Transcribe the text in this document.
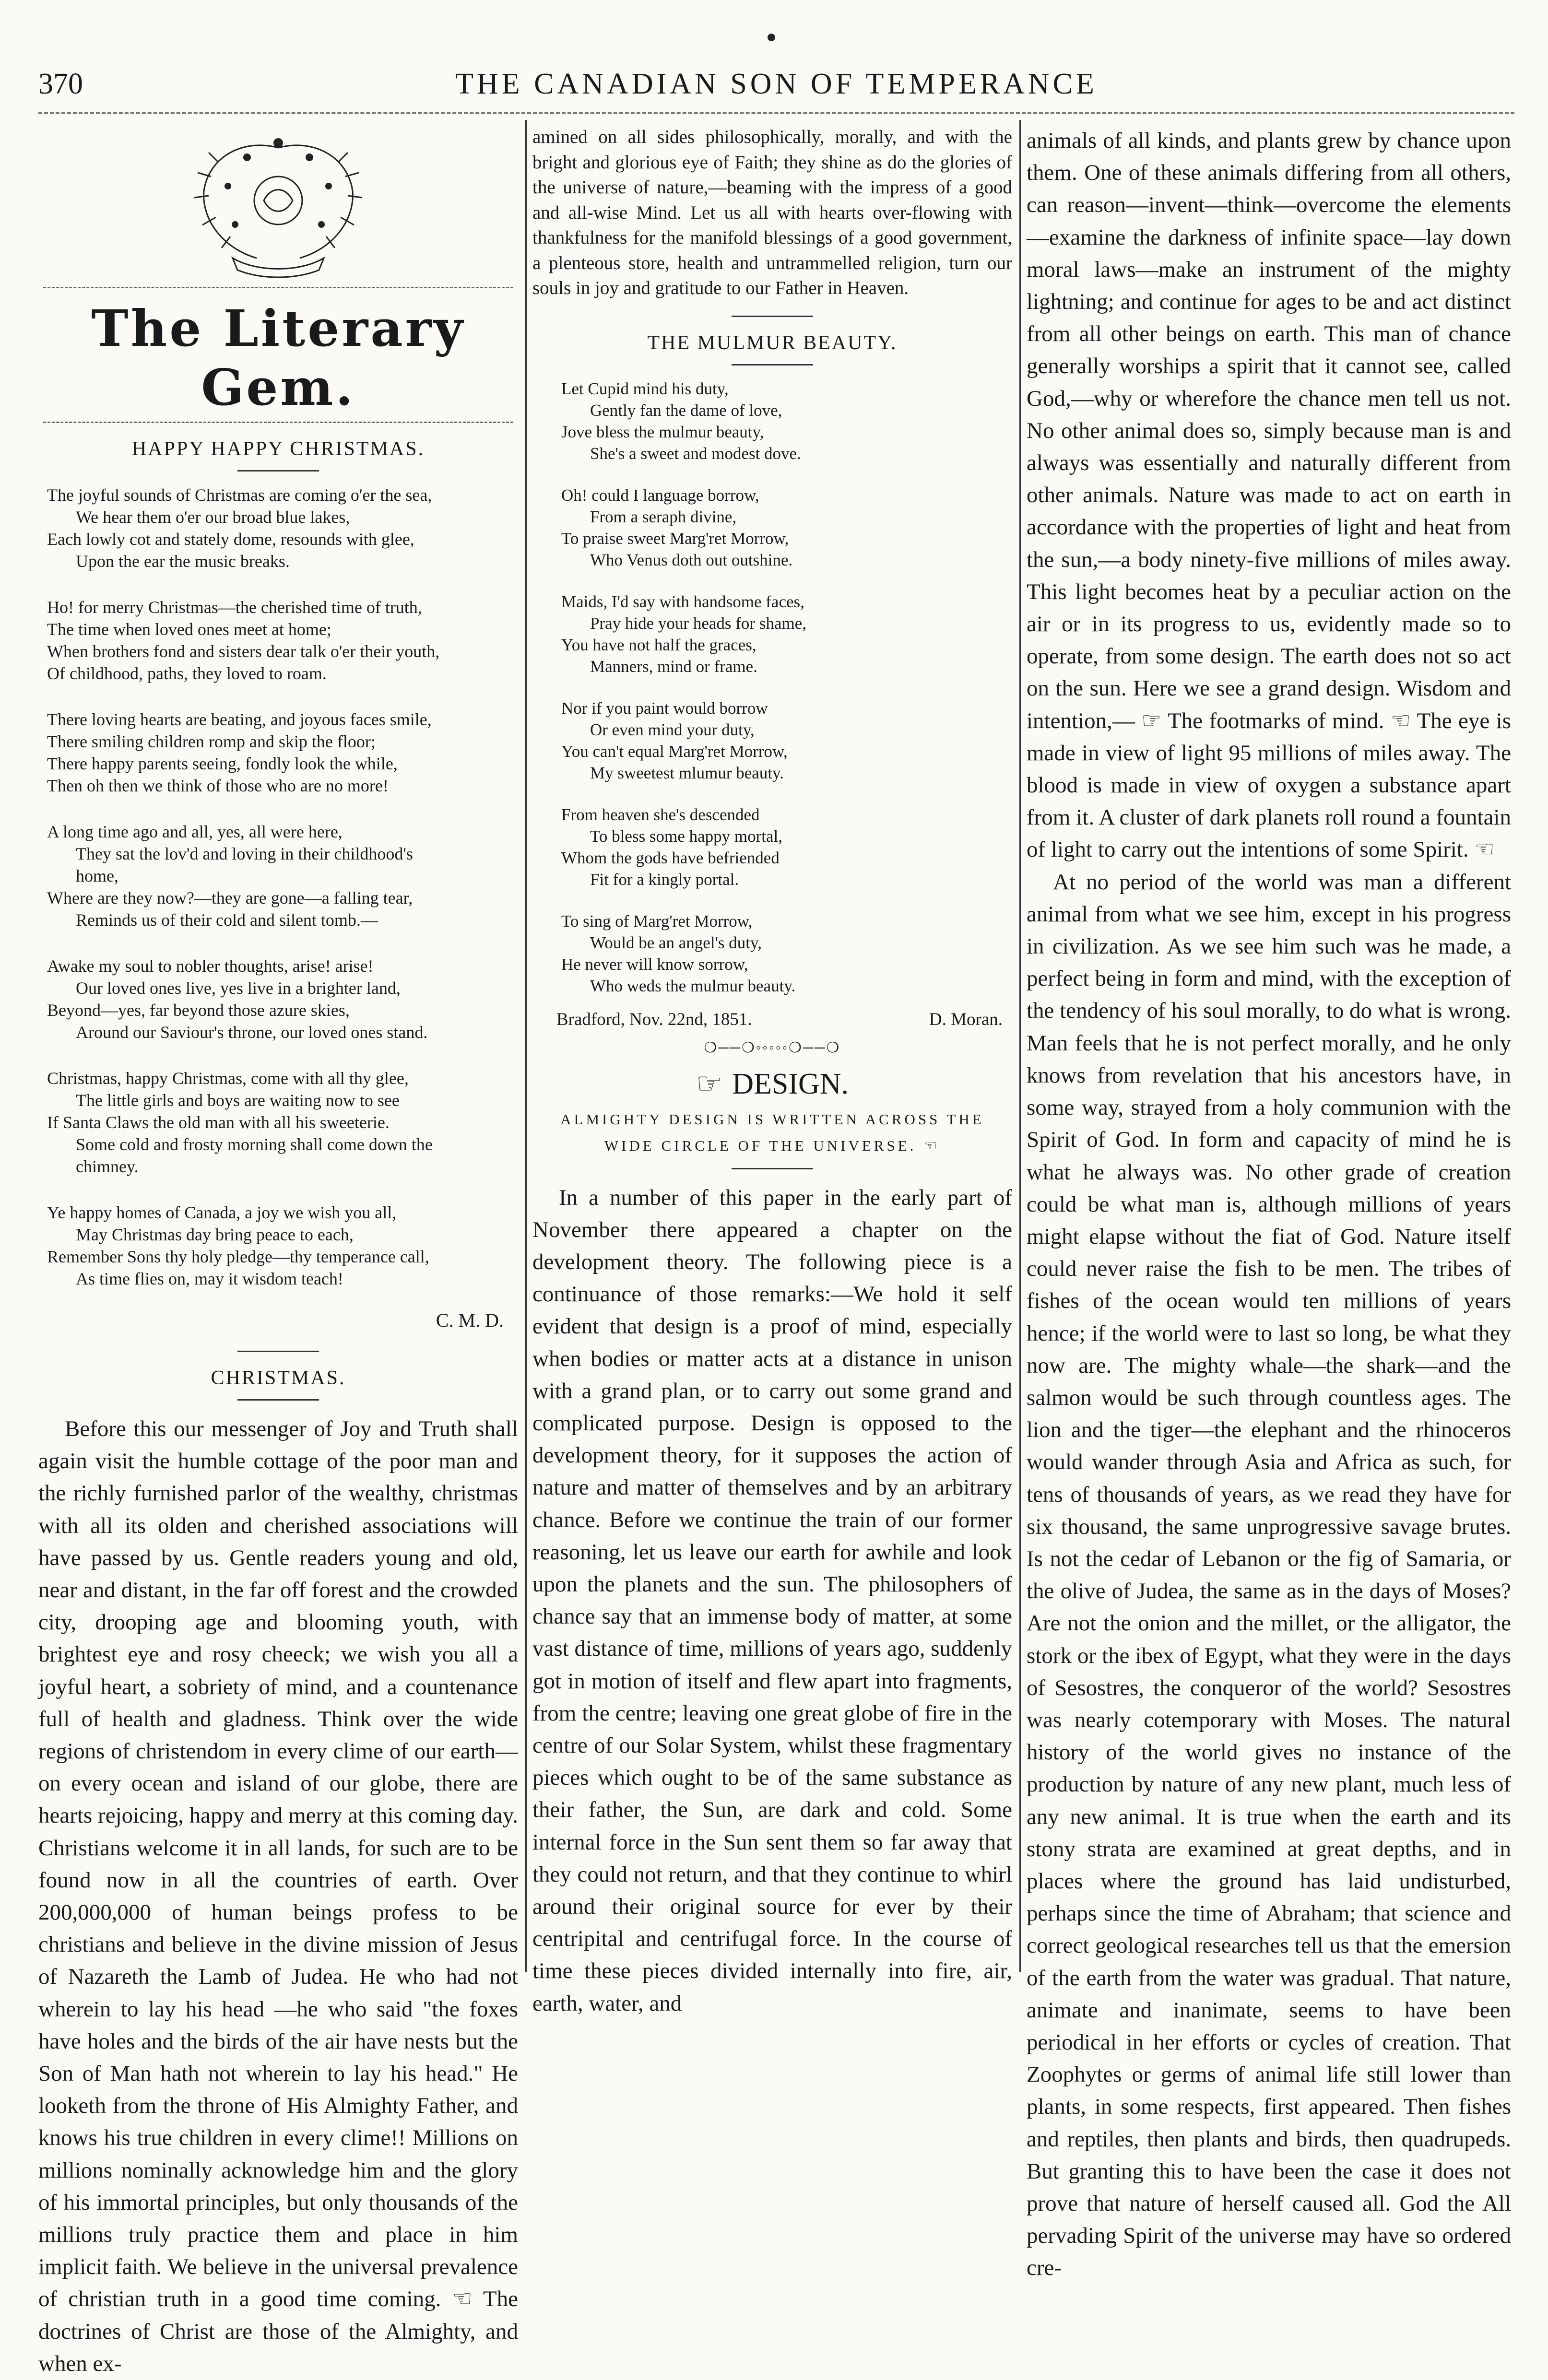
370	THE CANADIAN SON OF TEMPERANCE
The Literary Gem.
HAPPY HAPPY CHRISTMAS.
The joyful sounds of Christmas are coming o'er the sea,
We hear them o'er our broad blue lakes,
Each lowly cot and stately dome, resounds with glee,
Upon the ear the music breaks.
Ho! for merry Christmas—the cherished time of truth,
The time when loved ones meet at home;
When brothers fond and sisters dear talk o'er their youth,
Of childhood, paths, they loved to roam.
There loving hearts are beating, and joyous faces smile,
There smiling children romp and skip the floor;
There happy parents seeing, fondly look the while,
Then oh then we think of those who are no more!
A long time ago and all, yes, all were here,
They sat the lov'd and loving in their childhood's
home,
Where are they now?—they are gone—a falling tear,
Reminds us of their cold and silent tomb.—
Awake my soul to nobler thoughts, arise! arise!
Our loved ones live, yes live in a brighter land,
Beyond—yes, far beyond those azure skies,
Around our Saviour's throne, our loved ones stand.
Christmas, happy Christmas, come with all thy glee,
The little girls and boys are waiting now to see
If Santa Claws the old man with all his sweeterie.
Some cold and frosty morning shall come down the
chimney.
Ye happy homes of Canada, a joy we wish you all,
May Christmas day bring peace to each,
Remember Sons thy holy pledge—thy temperance call,
As time flies on, may it wisdom teach!
C. M. D.
CHRISTMAS.

Before this our messenger of Joy and Truth shall again visit the humble cottage of the poor man and the richly furnished parlor of the wealthy, christmas with all its olden and cherished associations will have passed by us. Gentle readers young and old, near and distant, in the far off forest and the crowded city, drooping age and blooming youth, with brightest eye and rosy cheeck; we wish you all a joyful heart, a sobriety of mind, and a countenance full of health and gladness. Think over the wide regions of christendom in every clime of our earth—on every ocean and island of our globe, there are hearts rejoicing, happy and merry at this coming day. Christians welcome it in all lands, for such are to be found now in all the countries of earth. Over 200,000,000 of human beings profess to be christians and believe in the divine mission of Jesus of Nazareth the Lamb of Judea. He who had not wherein to lay his head —he who said "the foxes have holes and the birds of the air have nests but the Son of Man hath not wherein to lay his head." He looketh from the throne of His Almighty Father, and knows his true children in every clime!! Millions on millions nominally acknowledge him and the glory of his immortal principles, but only thousands of the millions truly practice them and place in him implicit faith. We believe in the universal prevalence of christian truth in a good time coming. ☜ The doctrines of Christ are those of the Almighty, and when ex-

amined on all sides philosophically, morally, and with the bright and glorious eye of Faith; they shine as do the glories of the universe of nature,—beaming with the impress of a good and all-wise Mind. Let us all with hearts over-flowing with thankfulness for the manifold blessings of a good government, a plenteous store, health and untrammelled religion, turn our souls in joy and gratitude to our Father in Heaven.

THE MULMUR BEAUTY.
Let Cupid mind his duty,
Gently fan the dame of love,
Jove bless the mulmur beauty,
She's a sweet and modest dove.
Oh! could I language borrow,
From a seraph divine,
To praise sweet Marg'ret Morrow,
Who Venus doth out outshine.
Maids, I'd say with handsome faces,
Pray hide your heads for shame,
You have not half the graces,
Manners, mind or frame.
Nor if you paint would borrow
Or even mind your duty,
You can't equal Marg'ret Morrow,
My sweetest mlumur beauty.
From heaven she's descended
To bless some happy mortal,
Whom the gods have befriended
Fit for a kingly portal.
To sing of Marg'ret Morrow,
Would be an angel's duty,
He never will know sorrow,
Who weds the mulmur beauty.
Bradford, Nov. 22nd, 1851.	D. Moran.
❍──❍◦◦◦◦◦❍──❍
☞ DESIGN.
ALMIGHTY DESIGN IS WRITTEN ACROSS THE WIDE CIRCLE OF THE UNIVERSE. ☜

In a number of this paper in the early part of November there appeared a chapter on the development theory. The following piece is a continuance of those remarks:—We hold it self evident that design is a proof of mind, especially when bodies or matter acts at a distance in unison with a grand plan, or to carry out some grand and complicated purpose. Design is opposed to the development theory, for it supposes the action of nature and matter of themselves and by an arbitrary chance. Before we continue the train of our former reasoning, let us leave our earth for awhile and look upon the planets and the sun. The philosophers of chance say that an immense body of matter, at some vast distance of time, millions of years ago, suddenly got in motion of itself and flew apart into fragments, from the centre; leaving one great globe of fire in the centre of our Solar System, whilst these fragmentary pieces which ought to be of the same substance as their father, the Sun, are dark and cold. Some internal force in the Sun sent them so far away that they could not return, and that they continue to whirl around their original source for ever by their centripital and centrifugal force. In the course of time these pieces divided internally into fire, air, earth, water, and

animals of all kinds, and plants grew by chance upon them. One of these animals differing from all others, can reason—invent—think—overcome the elements—examine the darkness of infinite space—lay down moral laws—make an instrument of the mighty lightning; and continue for ages to be and act distinct from all other beings on earth. This man of chance generally worships a spirit that it cannot see, called God,—why or wherefore the chance men tell us not. No other animal does so, simply because man is and always was essentially and naturally different from other animals. Nature was made to act on earth in accordance with the properties of light and heat from the sun,—a body ninety-five millions of miles away. This light becomes heat by a peculiar action on the air or in its progress to us, evidently made so to operate, from some design. The earth does not so act on the sun. Here we see a grand design. Wisdom and intention,— ☞ The footmarks of mind. ☜ The eye is made in view of light 95 millions of miles away. The blood is made in view of oxygen a substance apart from it. A cluster of dark planets roll round a fountain of light to carry out the intentions of some Spirit. ☜

At no period of the world was man a different animal from what we see him, except in his progress in civilization. As we see him such was he made, a perfect being in form and mind, with the exception of the tendency of his soul morally, to do what is wrong. Man feels that he is not perfect morally, and he only knows from revelation that his ancestors have, in some way, strayed from a holy communion with the Spirit of God. In form and capacity of mind he is what he always was. No other grade of creation could be what man is, although millions of years might elapse without the fiat of God. Nature itself could never raise the fish to be men. The tribes of fishes of the ocean would ten millions of years hence; if the world were to last so long, be what they now are. The mighty whale—the shark—and the salmon would be such through countless ages. The lion and the tiger—the elephant and the rhinoceros would wander through Asia and Africa as such, for tens of thousands of years, as we read they have for six thousand, the same unprogressive savage brutes. Is not the cedar of Lebanon or the fig of Samaria, or the olive of Judea, the same as in the days of Moses? Are not the onion and the millet, or the alligator, the stork or the ibex of Egypt, what they were in the days of Sesostres, the conqueror of the world? Sesostres was nearly cotemporary with Moses. The natural history of the world gives no instance of the production by nature of any new plant, much less of any new animal. It is true when the earth and its stony strata are examined at great depths, and in places where the ground has laid undisturbed, perhaps since the time of Abraham; that science and correct geological researches tell us that the emersion of the earth from the water was gradual. That nature, animate and inanimate, seems to have been periodical in her efforts or cycles of creation. That Zoophytes or germs of animal life still lower than plants, in some respects, first appeared. Then fishes and reptiles, then plants and birds, then quadrupeds. But granting this to have been the case it does not prove that nature of herself caused all. God the All pervading Spirit of the universe may have so ordered cre-
